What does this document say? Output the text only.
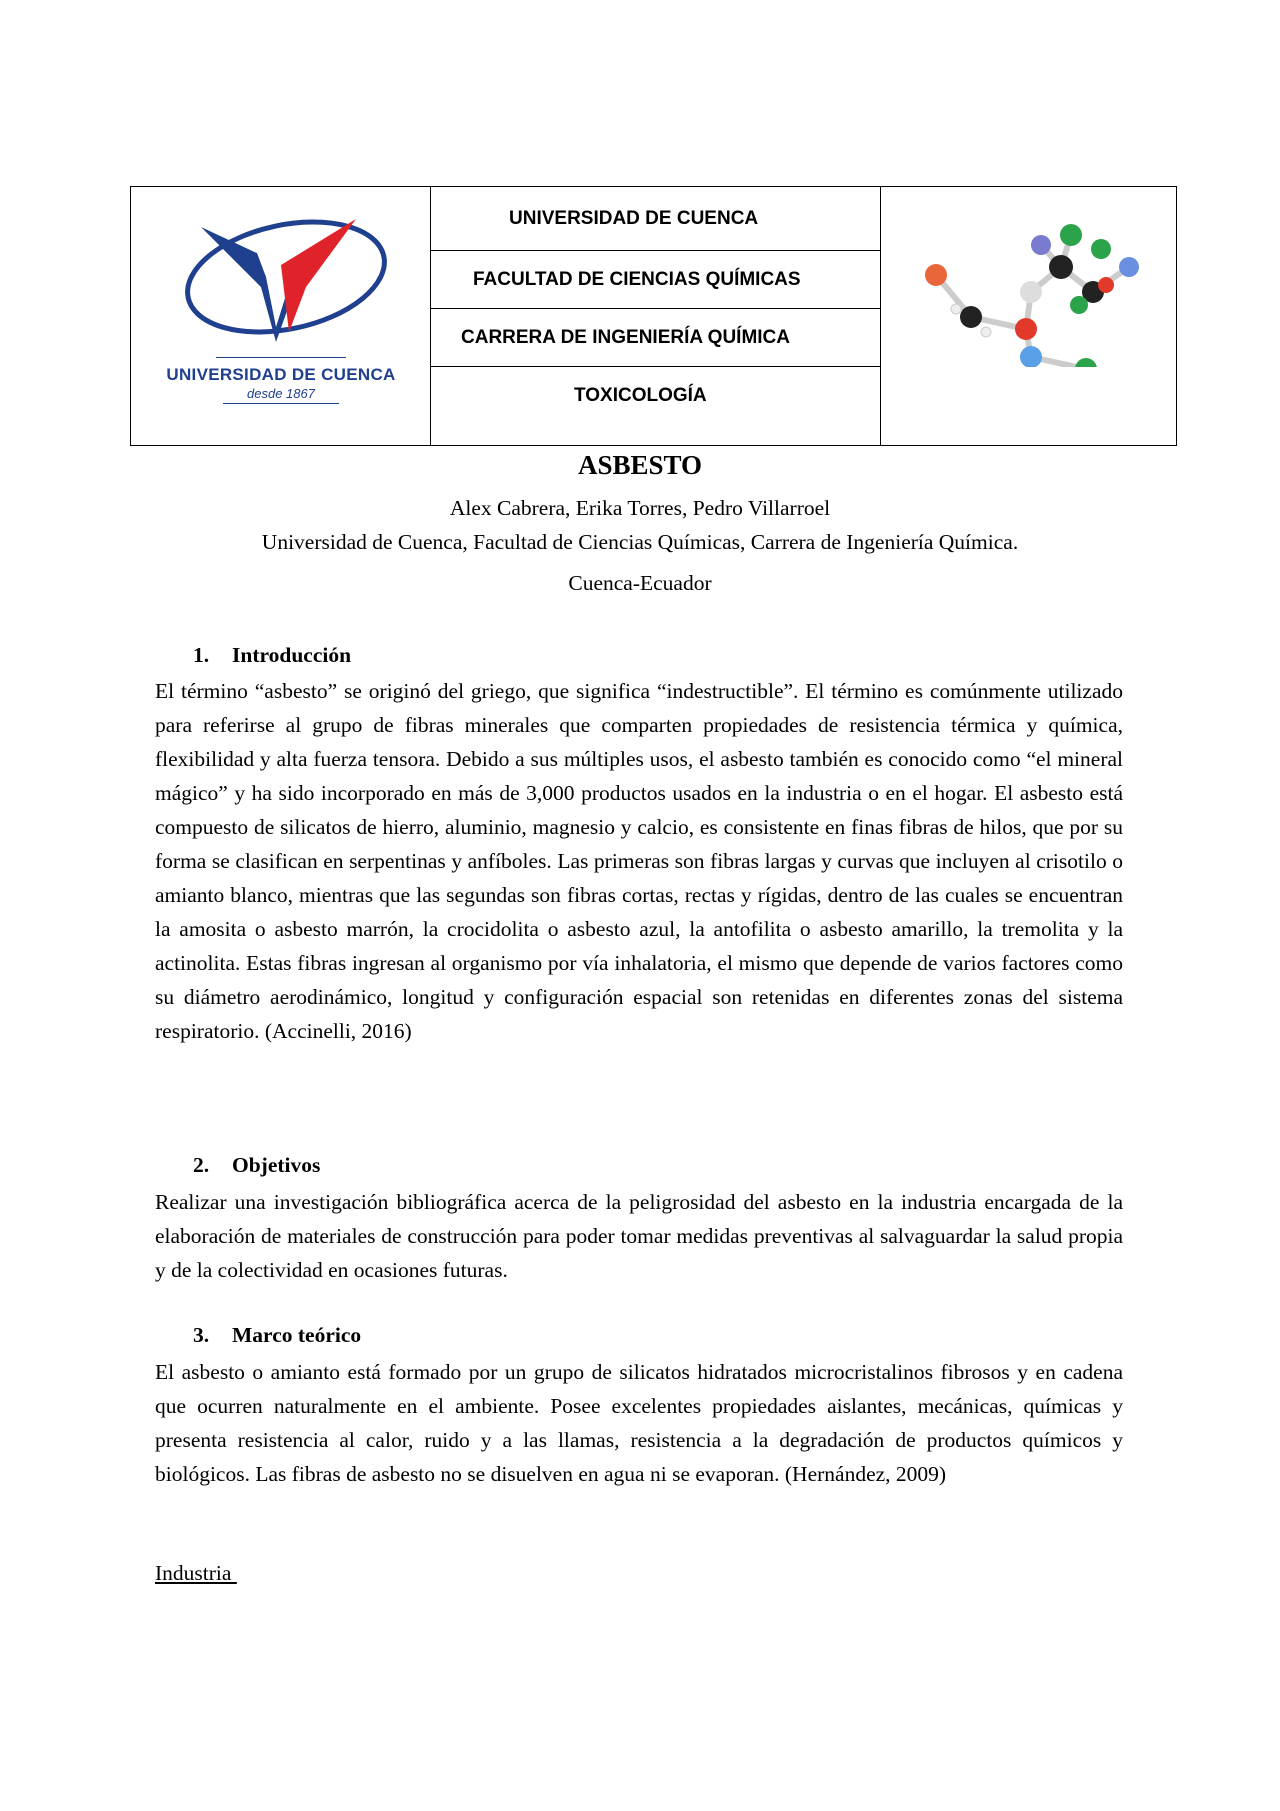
UNIVERSIDAD DE CUENCA
desde 1867
UNIVERSIDAD DE CUENCA
FACULTAD DE CIENCIAS QUÍMICAS
CARRERA DE INGENIERÍA QUÍMICA
TOXICOLOGÍA
ASBESTO
Alex Cabrera, Erika Torres, Pedro Villarroel
Universidad de Cuenca, Facultad de Ciencias Químicas, Carrera de Ingeniería Química.
Cuenca-Ecuador
1. Introducción
El término “asbesto” se originó del griego, que significa “indestructible”. El término es comúnmente utilizado para referirse al grupo de fibras minerales que comparten propiedades de resistencia térmica y química, flexibilidad y alta fuerza tensora. Debido a sus múltiples usos, el asbesto también es conocido como “el mineral mágico” y ha sido incorporado en más de 3,000 productos usados en la industria o en el hogar. El asbesto está compuesto de silicatos de hierro, aluminio, magnesio y calcio, es consistente en finas fibras de hilos, que por su forma se clasifican en serpentinas y anfíboles. Las primeras son fibras largas y curvas que incluyen al crisotilo o amianto blanco, mientras que las segundas son fibras cortas, rectas y rígidas, dentro de las cuales se encuentran la amosita o asbesto marrón, la crocidolita o asbesto azul, la antofilita o asbesto amarillo, la tremolita y la actinolita. Estas fibras ingresan al organismo por vía inhalatoria, el mismo que depende de varios factores como su diámetro aerodinámico, longitud y configuración espacial son retenidas en diferentes zonas del sistema respiratorio. (Accinelli, 2016)
2. Objetivos
Realizar una investigación bibliográfica acerca de la peligrosidad del asbesto en la industria encargada de la elaboración de materiales de construcción para poder tomar medidas preventivas al salvaguardar la salud propia y de la colectividad en ocasiones futuras.
3. Marco teórico
El asbesto o amianto está formado por un grupo de silicatos hidratados microcristalinos fibrosos y en cadena que ocurren naturalmente en el ambiente. Posee excelentes propiedades aislantes, mecánicas, químicas y presenta resistencia al calor, ruido y a las llamas, resistencia a la degradación de productos químicos y biológicos. Las fibras de asbesto no se disuelven en agua ni se evaporan. (Hernández, 2009)
Industria
